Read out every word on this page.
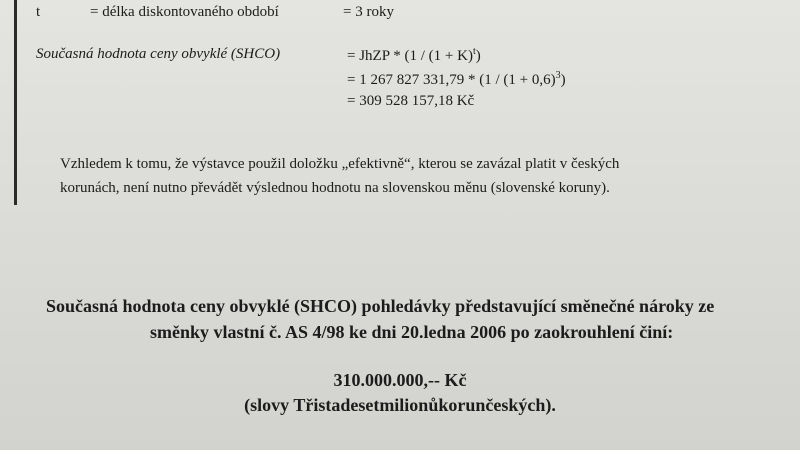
t	= délka diskontovaného období	= 3 roky
Současná hodnota ceny obvyklé (SHCO)	= JhZP * $(1 / (1 + K)^t)$
= 1 267 827 $331,79 * (1 / (1 + 0,6)^3)$
= 309 528 157,18 Kč
Vzhledem k tomu, že výstavce použil doložku „efektivně“, kterou se zavázal platit v českých
korunách, není nutno převádět výslednou hodnotu na slovenskou měnu (slovenské koruny).
Současná hodnota ceny obvyklé (SHCO) pohledávky představující směnečné nároky ze
směnky vlastní č. AS 4/98 ke dni 20.ledna 2006 po zaokrouhlení činí:
310.000.000,-- Kč
(slovy Třistadesetmilionůkorunčeských).
